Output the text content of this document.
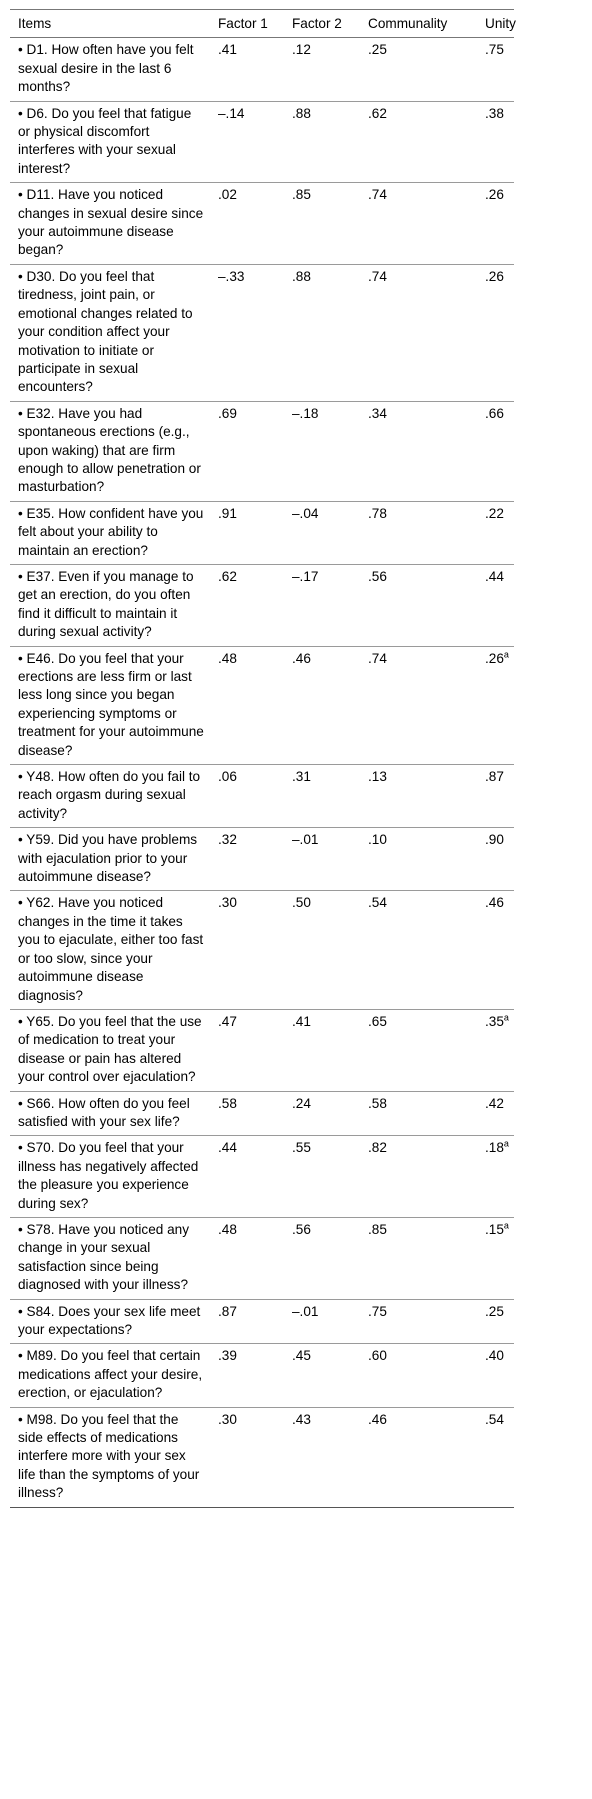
Items	Factor 1	Factor 2	Communality	Unity
• D1. How often have you felt sexual desire in the last 6 months?	.41	.12	.25	.75
• D6. Do you feel that fatigue or physical discomfort interferes with your sexual interest?	–.14	.88	.62	.38
• D11. Have you noticed changes in sexual desire since your autoimmune disease began?	.02	.85	.74	.26
• D30. Do you feel that tiredness, joint pain, or emotional changes related to your condition affect your motivation to initiate or participate in sexual encounters?	–.33	.88	.74	.26
• E32. Have you had spontaneous erections (e.g., upon waking) that are firm enough to allow penetration or masturbation?	.69	–.18	.34	.66
• E35. How confident have you felt about your ability to maintain an erection?	.91	–.04	.78	.22
• E37. Even if you manage to get an erection, do you often find it difficult to maintain it during sexual activity?	.62	–.17	.56	.44
• E46. Do you feel that your erections are less firm or last less long since you began experiencing symptoms or treatment for your autoimmune disease?	.48	.46	.74	.26$^a$
• Y48. How often do you fail to reach orgasm during sexual activity?	.06	.31	.13	.87
• Y59. Did you have problems with ejaculation prior to your autoimmune disease?	.32	–.01	.10	.90
• Y62. Have you noticed changes in the time it takes you to ejaculate, either too fast or too slow, since your autoimmune disease diagnosis?	.30	.50	.54	.46
• Y65. Do you feel that the use of medication to treat your disease or pain has altered your control over ejaculation?	.47	.41	.65	.35$^a$
• S66. How often do you feel satisfied with your sex life?	.58	.24	.58	.42
• S70. Do you feel that your illness has negatively affected the pleasure you experience during sex?	.44	.55	.82	.18$^a$
• S78. Have you noticed any change in your sexual satisfaction since being diagnosed with your illness?	.48	.56	.85	.15$^a$
• S84. Does your sex life meet your expectations?	.87	–.01	.75	.25
• M89. Do you feel that certain medications affect your desire, erection, or ejaculation?	.39	.45	.60	.40
• M98. Do you feel that the side effects of medications interfere more with your sex life than the symptoms of your illness?	.30	.43	.46	.54
